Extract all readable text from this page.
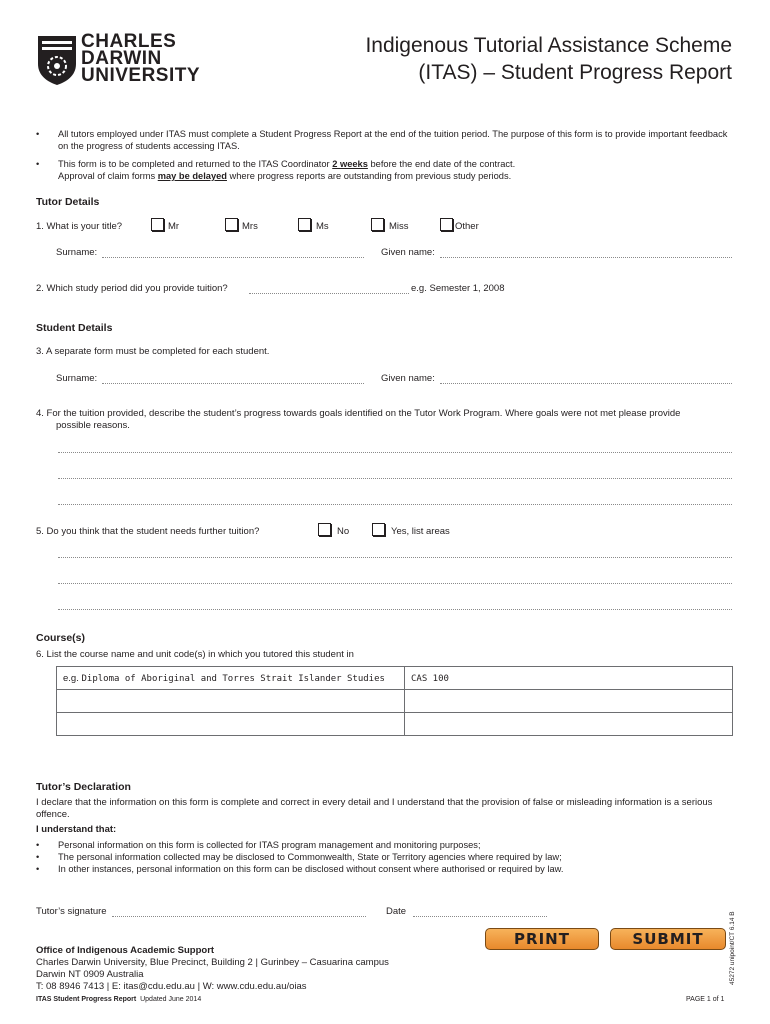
CHARLES
DARWIN
UNIVERSITY
Indigenous Tutorial Assistance Scheme (ITAS) – Student Progress Report
• All tutors employed under ITAS must complete a Student Progress Report at the end of the tuition period. The purpose of this form is to provide important feedback on the progress of students accessing ITAS.
• This form is to be completed and returned to the ITAS Coordinator 2 weeks before the end date of the contract.
Approval of claim forms may be delayed where progress reports are outstanding from previous study periods.
Tutor Details
1. What is your title?	Mr	Mrs	Ms	Miss	Other
Surname:	Given name:
2. Which study period did you provide tuition?	e.g. Semester 1, 2008
Student Details
3. A separate form must be completed for each student.
Surname:	Given name:
4. For the tuition provided, describe the student’s progress towards goals identified on the Tutor Work Program. Where goals were not met please provide
possible reasons.
5. Do you think that the student needs further tuition?	No	Yes, list areas
Course(s)
6. List the course name and unit code(s) in which you tutored this student in
e.g. Diploma of Aboriginal and Torres Strait Islander Studies	CAS 100

Tutor’s Declaration
I declare that the information on this form is complete and correct in every detail and I understand that the provision of false or misleading information is a serious offence.
I understand that:
• Personal information on this form is collected for ITAS program management and monitoring purposes;
• The personal information collected may be disclosed to Commonwealth, State or Territory agencies where required by law;
• In other instances, personal information on this form can be disclosed without consent where authorised or required by law.
Tutor’s signature	Date
Office of Indigenous Academic Support
Charles Darwin University, Blue Precinct, Building 2 | Gurinbey – Casuarina campus
Darwin NT 0909 Australia
T: 08 8946 7413 | E: itas@cdu.edu.au | W: www.cdu.edu.au/oias
PRINT	SUBMIT
ITAS Student Progress Report Updated June 2014	PAGE 1 of 1
45272 unipoint/CT 6.14 B
